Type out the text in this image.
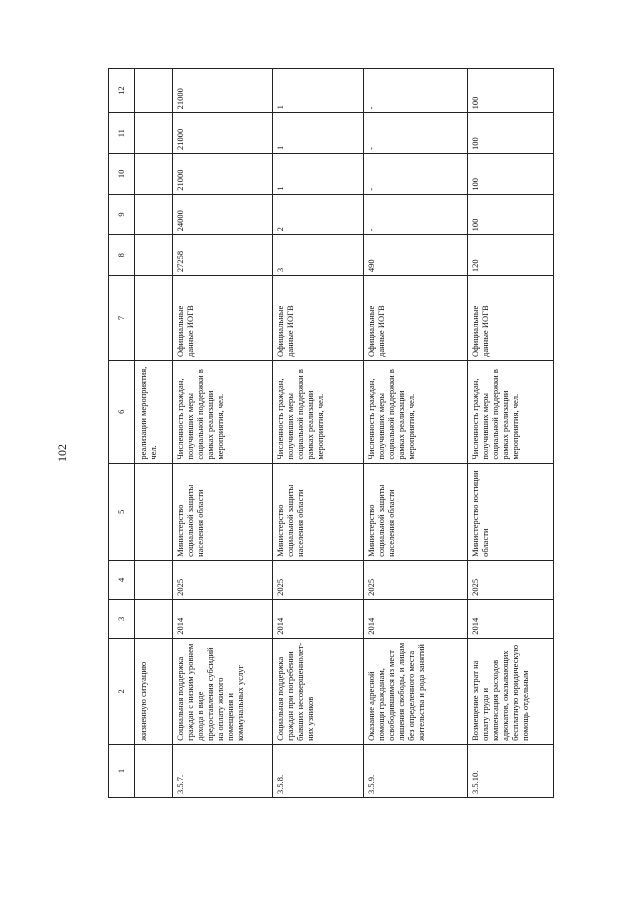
102
1	2	3	4	5	6	7	8	9	10	11	12
	жизненную ситуацию				реализации мероприятия, чел.						
3.5.7.	Социальная поддержка граждан с низким уровнем дохода в виде предоставления субсидий на оплату жилого помещения и коммунальных услуг	2014	2025	Министерство социальной защиты населения области	Численность граждан, получивших меры социальной поддержки в рамках реализации мероприятия, чел.	Официальные данные ИОГВ	27258	24000	21000	21000	21000
3.5.8.	Социальная поддержка граждан при погребении бывших несовершеннолет-них узников	2014	2025	Министерство социальной защиты населения области	Численность граждан, получивших меры социальной поддержки в рамках реализации мероприятия, чел.	Официальные данные ИОГВ	3	2	1	1	1
3.5.9.	Оказание адресной помощи гражданам, освободившимся из мест лишения свободы, и лицам без определенного места жительства и рода занятий	2014	2025	Министерство социальной защиты населения области	Численность граждан, получивших меры социальной поддержки в рамках реализации мероприятия, чел.	Официальные данные ИОГВ	490	-	-	-	-
3.5.10.	Возмещение затрат на оплату труда и компенсация расходов адвокатов, оказывающих бесплатную юридическую помощь отдельным	2014	2025	Министерство юстиции области	Численность граждан, получивших меры социальной поддержки в рамках реализации мероприятия, чел.	Официальные данные ИОГВ	120	100	100	100	100
